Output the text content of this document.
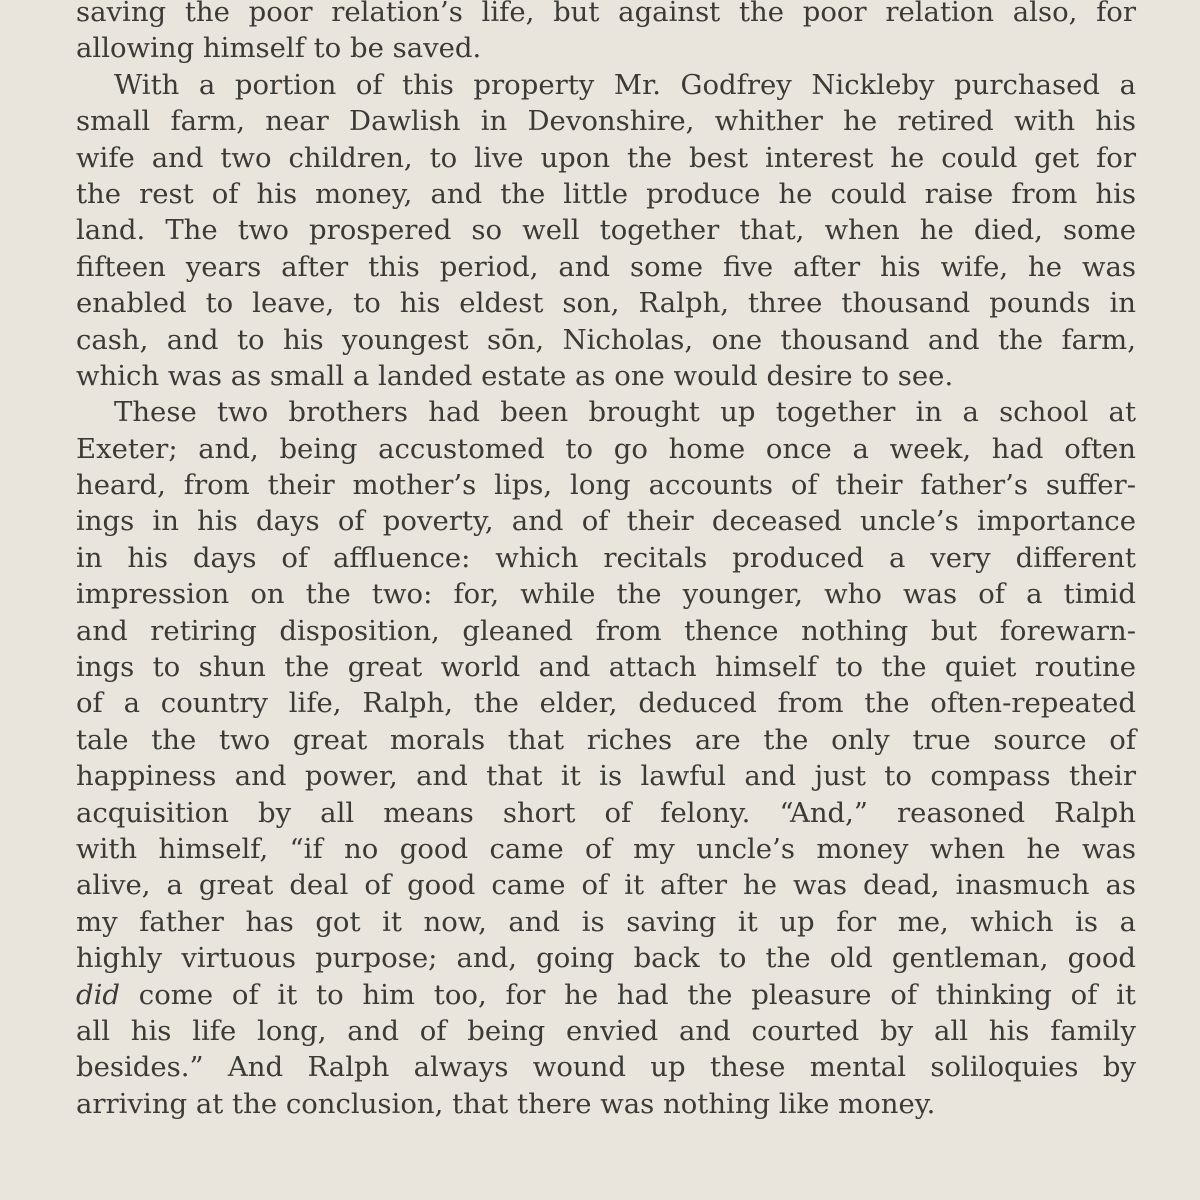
saving the poor relation’s life, but against the poor relation also, for
allowing himself to be saved.
With a portion of this property Mr. Godfrey Nickleby purchased a
small farm, near Dawlish in Devonshire, whither he retired with his
wife and two children, to live upon the best interest he could get for
the rest of his money, and the little produce he could raise from his
land. The two prospered so well together that, when he died, some
fifteen years after this period, and some five after his wife, he was
enabled to leave, to his eldest son, Ralph, three thousand pounds in
cash, and to his youngest sōn, Nicholas, one thousand and the farm,
which was as small a landed estate as one would desire to see.
These two brothers had been brought up together in a school at
Exeter; and, being accustomed to go home once a week, had often
heard, from their mother’s lips, long accounts of their father’s suffer-
ings in his days of poverty, and of their deceased uncle’s importance
in his days of affluence: which recitals produced a very different
impression on the two: for, while the younger, who was of a timid
and retiring disposition, gleaned from thence nothing but forewarn-
ings to shun the great world and attach himself to the quiet routine
of a country life, Ralph, the elder, deduced from the often-repeated
tale the two great morals that riches are the only true source of
happiness and power, and that it is lawful and just to compass their
acquisition by all means short of felony. “And,” reasoned Ralph
with himself, “if no good came of my uncle’s money when he was
alive, a great deal of good came of it after he was dead, inasmuch as
my father has got it now, and is saving it up for me, which is a
highly virtuous purpose; and, going back to the old gentleman, good
did come of it to him too, for he had the pleasure of thinking of it
all his life long, and of being envied and courted by all his family
besides.” And Ralph always wound up these mental soliloquies by
arriving at the conclusion, that there was nothing like money.
